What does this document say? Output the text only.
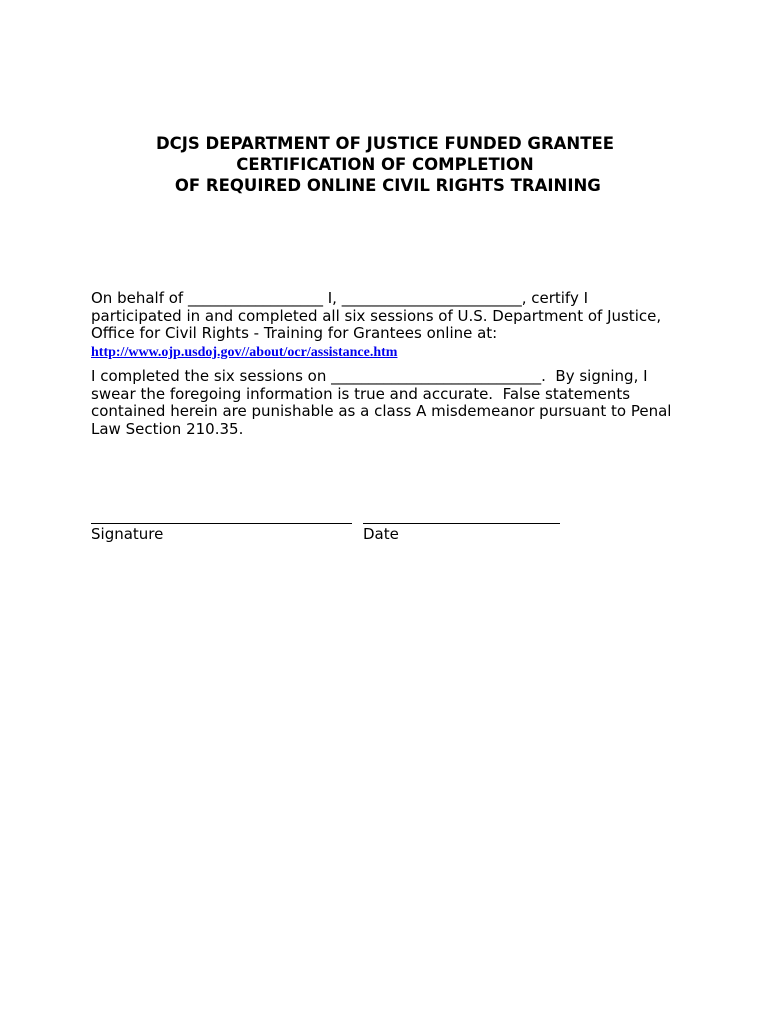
DCJS DEPARTMENT OF JUSTICE FUNDED GRANTEE
CERTIFICATION OF COMPLETION
OF REQUIRED ONLINE CIVIL RIGHTS TRAINING
On behalf of __________________ I, ________________________, certify I
participated in and completed all six sessions of U.S. Department of Justice,
Office for Civil Rights - Training for Grantees online at:
http://www.ojp.usdoj.gov//about/ocr/assistance.htm
I completed the six sessions on ____________________________.  By signing, I
swear the foregoing information is true and accurate.  False statements
contained herein are punishable as a class A misdemeanor pursuant to Penal
Law Section 210.35.
Signature	Date
